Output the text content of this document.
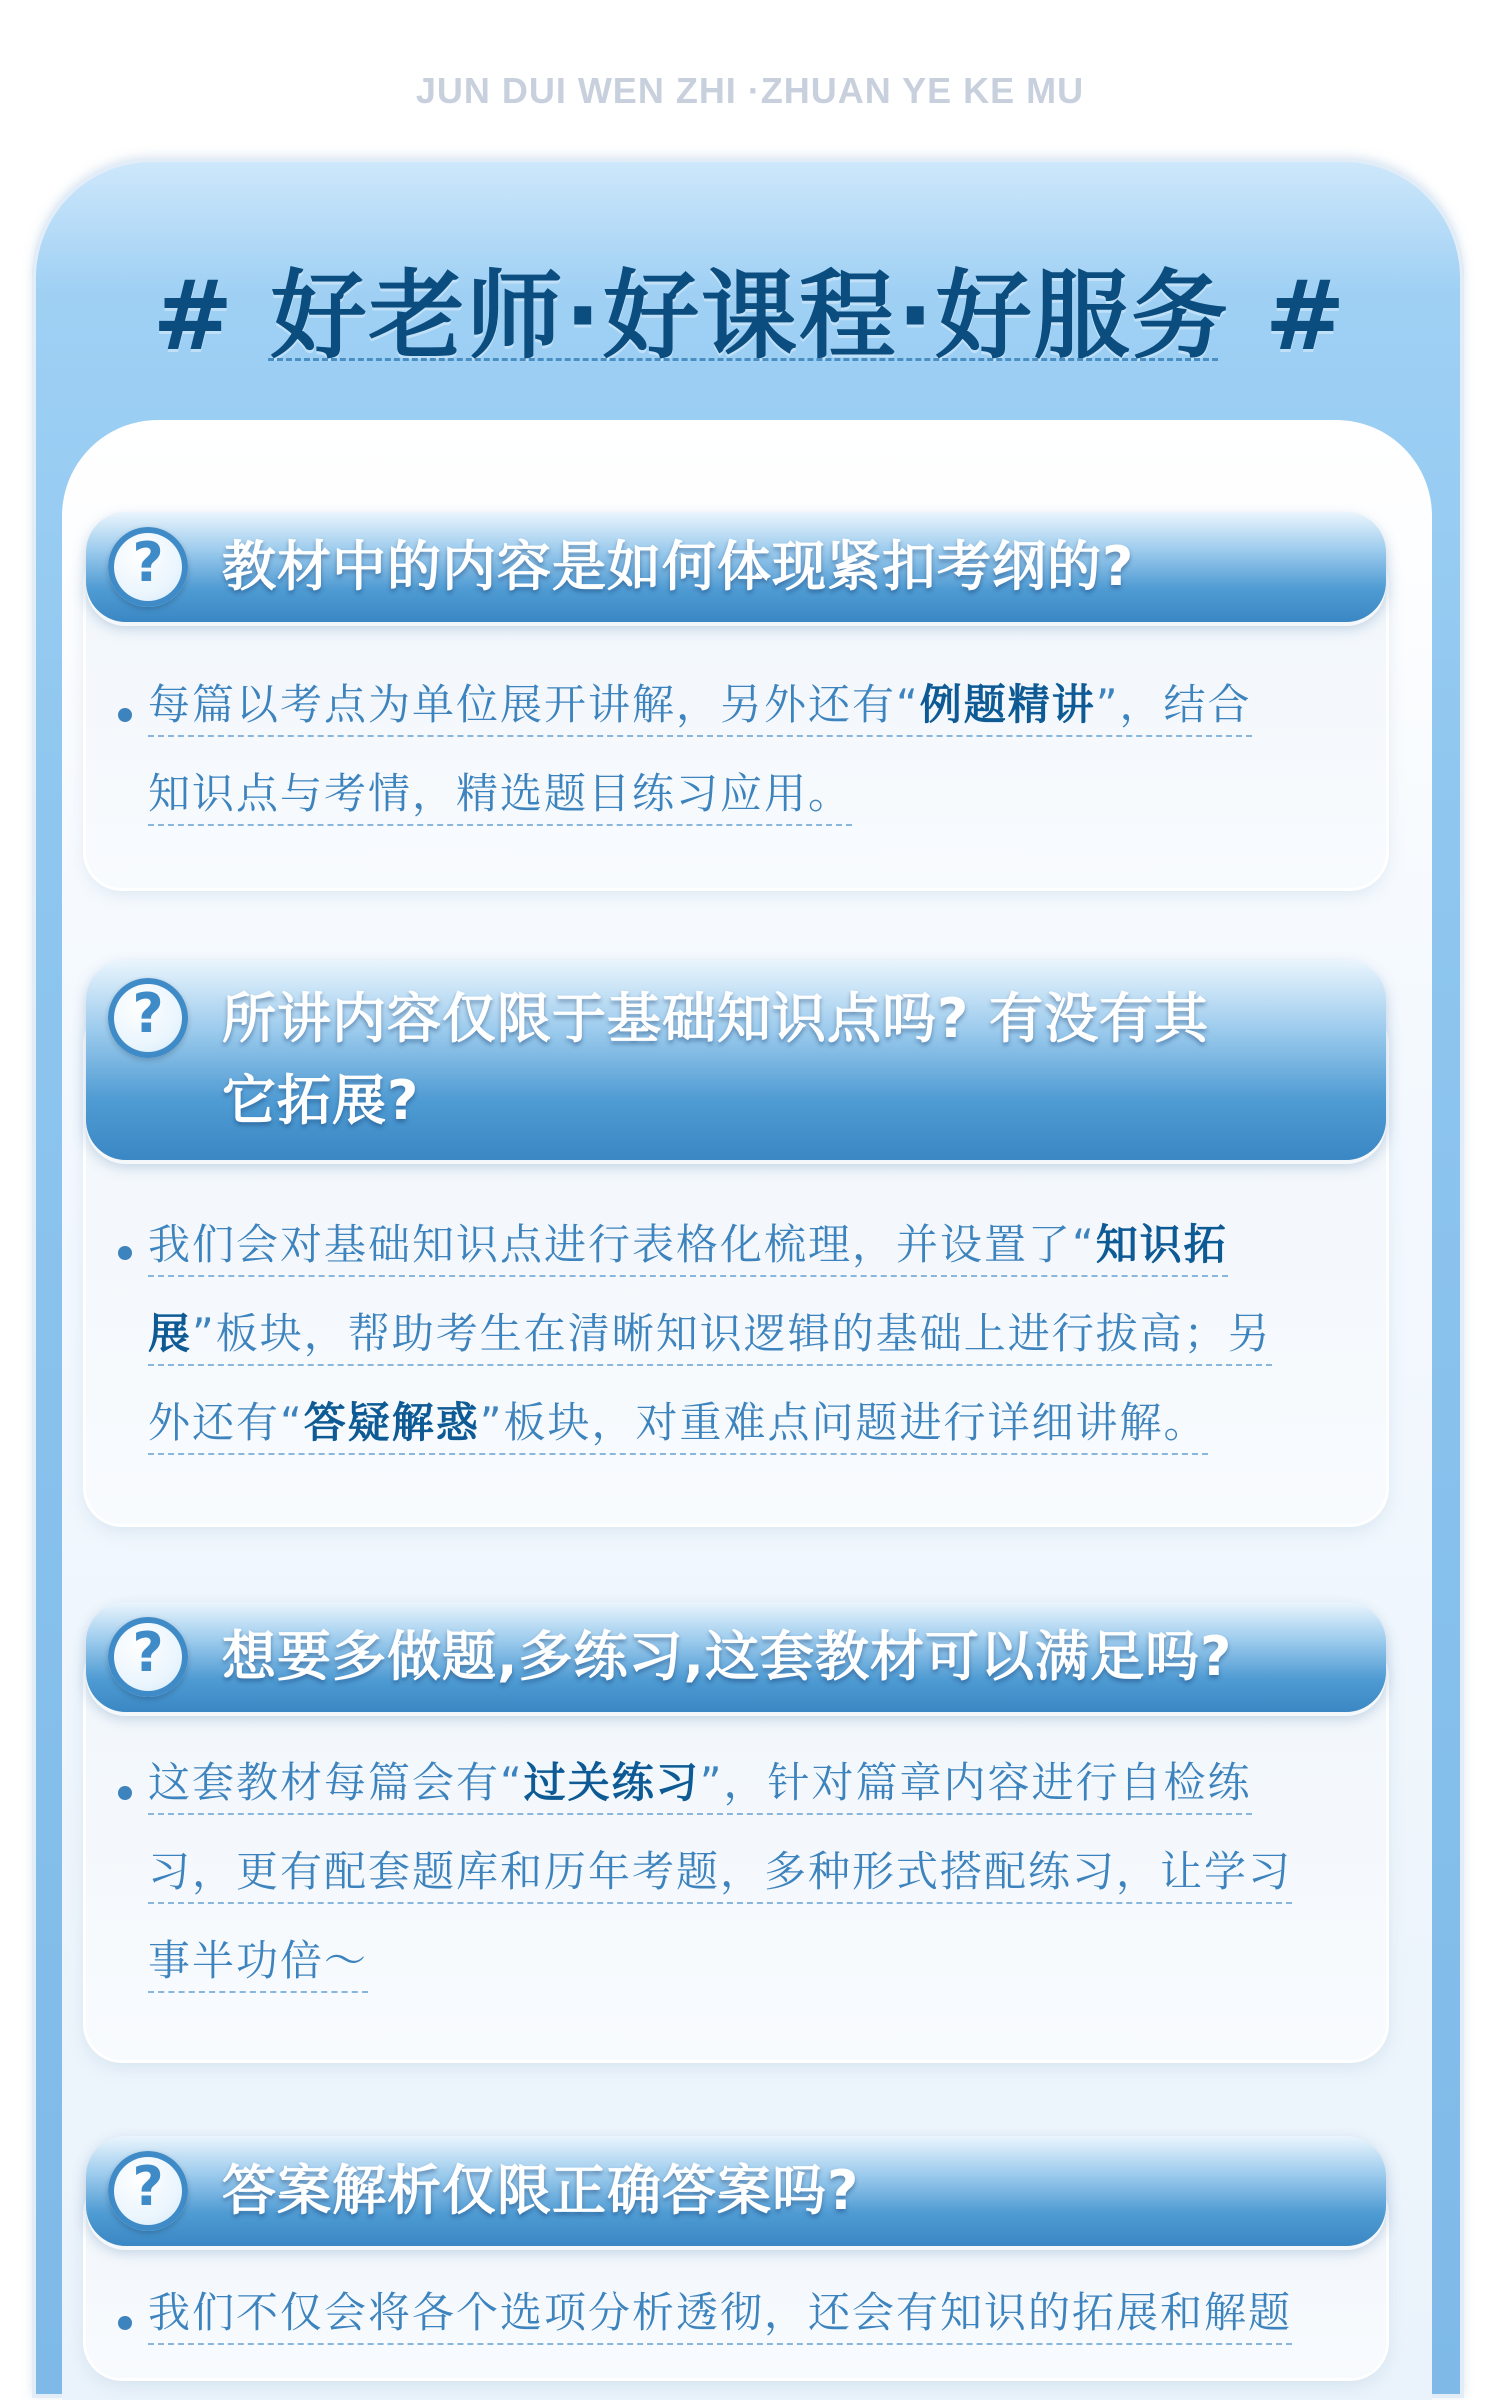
JUN DUI WEN ZHI ·ZHUAN YE KE MU
# 好老师·好课程·好服务 #
?	教材中的内容是如何体现紧扣考纲的?
每篇以考点为单位展开讲解，另外还有“例题精讲”，结合
知识点与考情，精选题目练习应用。
?	所讲内容仅限于基础知识点吗? 有没有其
它拓展?
我们会对基础知识点进行表格化梳理，并设置了“知识拓
展”板块，帮助考生在清晰知识逻辑的基础上进行拔高；另
外还有“答疑解惑”板块，对重难点问题进行详细讲解。
?	想要多做题,多练习,这套教材可以满足吗?
这套教材每篇会有“过关练习”，针对篇章内容进行自检练
习，更有配套题库和历年考题，多种形式搭配练习，让学习
事半功倍～
?	答案解析仅限正确答案吗?
我们不仅会将各个选项分析透彻，还会有知识的拓展和解题
